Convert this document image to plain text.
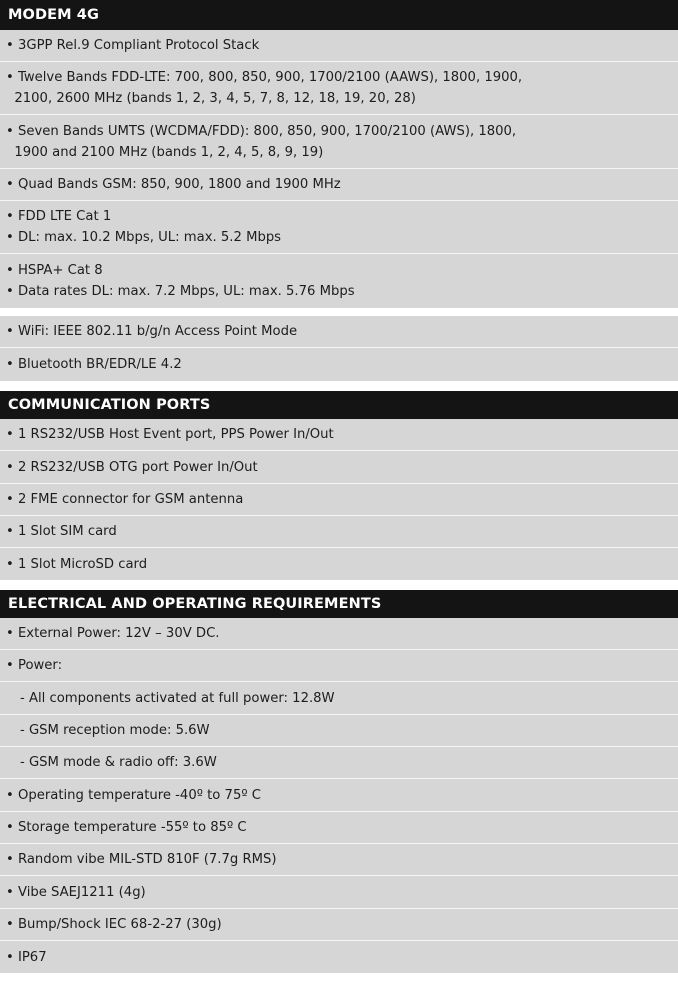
MODEM 4G
• 3GPP Rel.9 Compliant Protocol Stack
• Twelve Bands FDD-LTE: 700, 800, 850, 900, 1700/2100 (AAWS), 1800, 1900,
2100, 2600 MHz (bands 1, 2, 3, 4, 5, 7, 8, 12, 18, 19, 20, 28)
• Seven Bands UMTS (WCDMA/FDD): 800, 850, 900, 1700/2100 (AWS), 1800,
1900 and 2100 MHz (bands 1, 2, 4, 5, 8, 9, 19)
• Quad Bands GSM: 850, 900, 1800 and 1900 MHz
• FDD LTE Cat 1
• DL: max. 10.2 Mbps, UL: max. 5.2 Mbps
• HSPA+ Cat 8
• Data rates DL: max. 7.2 Mbps, UL: max. 5.76 Mbps
• WiFi: IEEE 802.11 b/g/n Access Point Mode
• Bluetooth BR/EDR/LE 4.2
COMMUNICATION PORTS
• 1 RS232/USB Host Event port, PPS Power In/Out
• 2 RS232/USB OTG port Power In/Out
• 2 FME connector for GSM antenna
• 1 Slot SIM card
• 1 Slot MicroSD card
ELECTRICAL AND OPERATING REQUIREMENTS
• External Power: 12V – 30V DC.
• Power:
- All components activated at full power: 12.8W
- GSM reception mode: 5.6W
- GSM mode & radio off: 3.6W
• Operating temperature -40º to 75º C
• Storage temperature -55º to 85º C
• Random vibe MIL-STD 810F (7.7g RMS)
• Vibe SAEJ1211 (4g)
• Bump/Shock IEC 68-2-27 (30g)
• IP67
